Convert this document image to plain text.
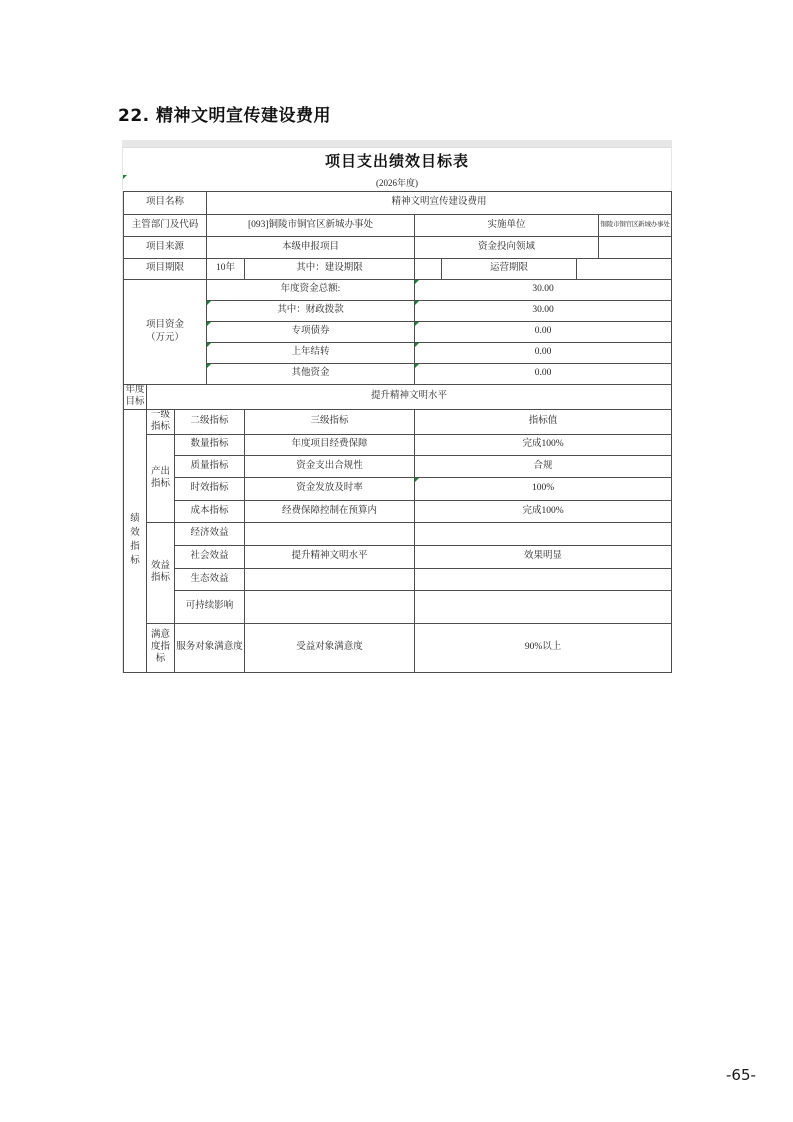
22. 精神文明宣传建设费用
项目支出绩效目标表
(2026年度)
项目名称			精神文明宣传建设费用					
主管部门及代码			[093]铜陵市铜官区新城办事处		实施单位			铜陵市铜官区新城办事处
项目来源			本级申报项目		资金投向领域			
项目期限			10年	其中：建设期限		运营期限		

项目资金（万元）			年度资金总额:		30.00			
			其中：财政拨款		30.00			
			专项债券		0.00			
			上年结转		0.00			
			其他资金		0.00			

年度目标	提升精神文明水平							

绩效指标	一级指标	二级指标		三级指标	指标值			
	产出指标	数量指标		年度项目经费保障	完成100%			
		质量指标		资金支出合规性	合规			
		时效指标		资金发放及时率	100%			
		成本指标		经费保障控制在预算内	完成100%			
	效益指标	经济效益						
		社会效益		提升精神文明水平	效果明显			
		生态效益						
		可持续影响						
	满意度指标	服务对象满意度		受益对象满意度	90%以上			
-65-
